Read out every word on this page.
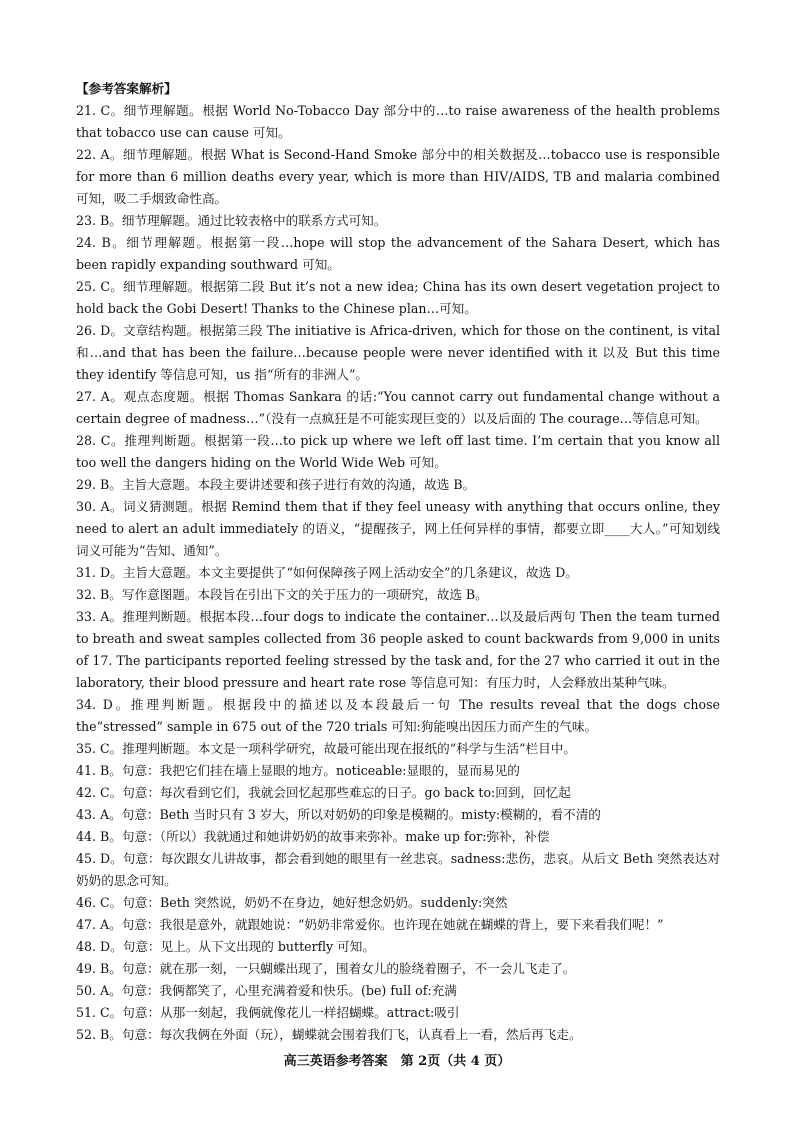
【参考答案解析】

21. C。细节理解题。根据 World No-Tobacco Day 部分中的…to raise awareness of the health problems that tobacco use can cause 可知。

22. A。细节理解题。根据 What is Second-Hand Smoke 部分中的相关数据及…tobacco use is responsible for more than 6 million deaths every year, which is more than HIV/AIDS, TB and malaria combined 可知，吸二手烟致命性高。

23. B。细节理解题。通过比较表格中的联系方式可知。

24. B。细节理解题。根据第一段…hope will stop the advancement of the Sahara Desert, which has been rapidly expanding southward 可知。

25. C。细节理解题。根据第二段 But it’s not a new idea; China has its own desert vegetation project to hold back the Gobi Desert! Thanks to the Chinese plan…可知。

26. D。文章结构题。根据第三段 The initiative is Africa-driven, which for those on the continent, is vital 和…and that has been the failure…because people were never identified with it 以及 But this time they identify 等信息可知，us 指“所有的非洲人”。

27. A。观点态度题。根据 Thomas Sankara 的话:“You cannot carry out fundamental change without a certain degree of madness…”（没有一点疯狂是不可能实现巨变的）以及后面的 The courage…等信息可知。

28. C。推理判断题。根据第一段…to pick up where we left off last time. I’m certain that you know all too well the dangers hiding on the World Wide Web 可知。

29. B。主旨大意题。本段主要讲述要和孩子进行有效的沟通，故选 B。

30. A。词义猜测题。根据 Remind them that if they feel uneasy with anything that occurs online, they need to alert an adult immediately 的语义，“提醒孩子，网上任何异样的事情，都要立即____大人。”可知划线词义可能为“告知、通知”。

31. D。主旨大意题。本文主要提供了“如何保障孩子网上活动安全”的几条建议，故选 D。

32. B。写作意图题。本段旨在引出下文的关于压力的一项研究，故选 B。

33. A。推理判断题。根据本段…four dogs to indicate the container…以及最后两句 Then the team turned to breath and sweat samples collected from 36 people asked to count backwards from 9,000 in units of 17. The participants reported feeling stressed by the task and, for the 27 who carried it out in the laboratory, their blood pressure and heart rate rose 等信息可知：有压力时，人会释放出某种气味。

34. D。推理判断题。根据段中的描述以及本段最后一句 The results reveal that the dogs chose the“stressed” sample in 675 out of the 720 trials 可知:狗能嗅出因压力而产生的气味。

35. C。推理判断题。本文是一项科学研究，故最可能出现在报纸的“科学与生活”栏目中。

41. B。句意：我把它们挂在墙上显眼的地方。noticeable:显眼的，显而易见的

42. C。句意：每次看到它们，我就会回忆起那些难忘的日子。go back to:回到，回忆起

43. A。句意：Beth 当时只有 3 岁大，所以对奶奶的印象是模糊的。misty:模糊的，看不清的

44. B。句意：（所以）我就通过和她讲奶奶的故事来弥补。make up for:弥补，补偿

45. D。句意：每次跟女儿讲故事，都会看到她的眼里有一丝悲哀。sadness:悲伤，悲哀。从后文 Beth 突然表达对奶奶的思念可知。

46. C。句意：Beth 突然说，奶奶不在身边，她好想念奶奶。suddenly:突然

47. A。句意：我很是意外，就跟她说：“奶奶非常爱你。也许现在她就在蝴蝶的背上，要下来看我们呢！”

48. D。句意：见上。从下文出现的 butterfly 可知。

49. B。句意：就在那一刻，一只蝴蝶出现了，围着女儿的脸绕着圈子，不一会儿飞走了。

50. A。句意：我俩都笑了，心里充满着爱和快乐。(be) full of:充满

51. C。句意：从那一刻起，我俩就像花儿一样招蝴蝶。attract:吸引

52. B。句意：每次我俩在外面（玩），蝴蝶就会围着我们飞，认真看上一看，然后再飞走。

高三英语参考答案　第 2页（共 4 页）
